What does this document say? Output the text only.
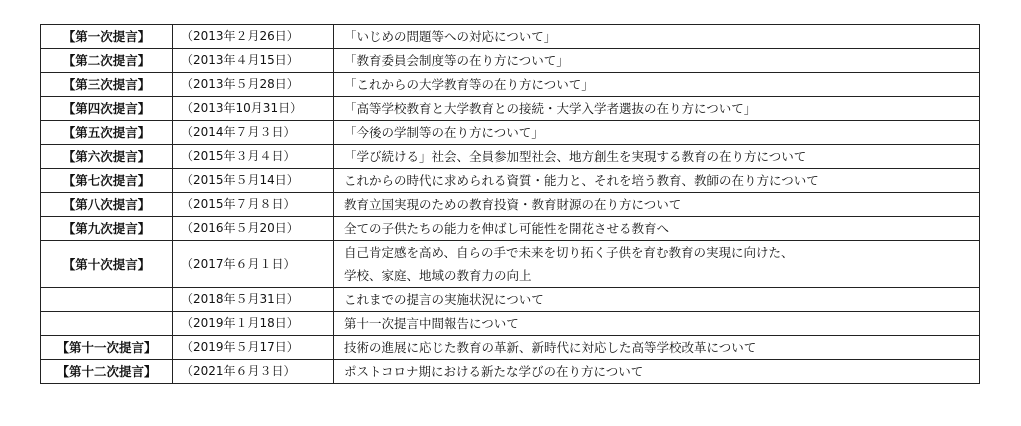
【第一次提言】	（2013年２月26日）	「いじめの問題等への対応について」
【第二次提言】	（2013年４月15日）	「教育委員会制度等の在り方について」
【第三次提言】	（2013年５月28日）	「これからの大学教育等の在り方について」
【第四次提言】	（2013年10月31日）	「高等学校教育と大学教育との接続・大学入学者選抜の在り方について」
【第五次提言】	（2014年７月３日）	「今後の学制等の在り方について」
【第六次提言】	（2015年３月４日）	「学び続ける」社会、全員参加型社会、地方創生を実現する教育の在り方について
【第七次提言】	（2015年５月14日）	これからの時代に求められる資質・能力と、それを培う教育、教師の在り方について
【第八次提言】	（2015年７月８日）	教育立国実現のための教育投資・教育財源の在り方について
【第九次提言】	（2016年５月20日）	全ての子供たちの能力を伸ばし可能性を開花させる教育へ
【第十次提言】	（2017年６月１日）	自己肯定感を高め、自らの手で未来を切り拓く子供を育む教育の実現に向けた、
学校、家庭、地域の教育力の向上

	（2018年５月31日）	これまでの提言の実施状況について
	（2019年１月18日）	第十一次提言中間報告について
【第十一次提言】	（2019年５月17日）	技術の進展に応じた教育の革新、新時代に対応した高等学校改革について
【第十二次提言】	（2021年６月３日）	ポストコロナ期における新たな学びの在り方について
